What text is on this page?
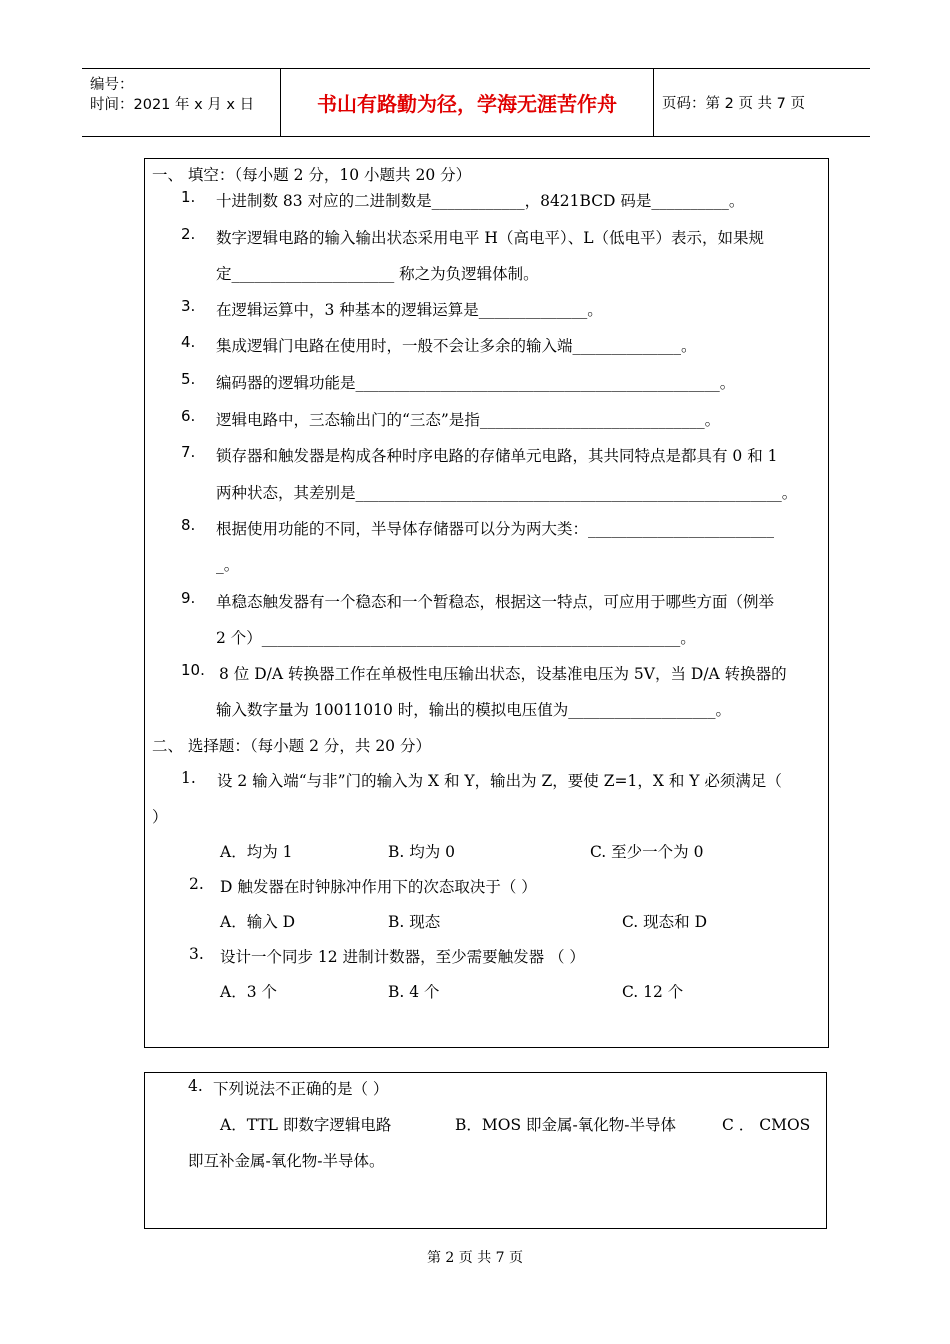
编号：
时间：2021 年 x 月 x 日	书山有路勤为径，学海无涯苦作舟	页码：第 2 页 共 7 页
一、 填空：（每小题 2 分，10 小题共 20 分）
1. 十进制数 83 对应的二进制数是____________，8421BCD 码是__________。
2. 数字逻辑电路的输入输出状态采用电平 H（高电平）、L（低电平）表示，如果规
定_____________________ 称之为负逻辑体制。
3. 在逻辑运算中，3 种基本的逻辑运算是______________。
4. 集成逻辑门电路在使用时，一般不会让多余的输入端______________。
5. 编码器的逻辑功能是_______________________________________________。
6. 逻辑电路中，三态输出门的“三态”是指_____________________________。
7. 锁存器和触发器是构成各种时序电路的存储单元电路，其共同特点是都具有 0 和 1
两种状态，其差别是_______________________________________________________。
8. 根据使用功能的不同，半导体存储器可以分为两大类：________________________
_。
9. 单稳态触发器有一个稳态和一个暂稳态，根据这一特点，可应用于哪些方面（例举
2 个）______________________________________________________。
10. 8 位 D/A 转换器工作在单极性电压输出状态，设基准电压为 5V，当 D/A 转换器的
输入数字量为 10011010 时，输出的模拟电压值为___________________。
二、 选择题：（每小题 2 分，共 20 分）
1. 设 2 输入端“与非”门的输入为 X 和 Y，输出为 Z，要使 Z=1，X 和 Y 必须满足（
）
A．均为 1	B. 均为 0	C. 至少一个为 0
2. D 触发器在时钟脉冲作用下的次态取决于（ ）
A．输入 D	B. 现态	C. 现态和 D
3. 设计一个同步 12 进制计数器，至少需要触发器 （ ）
A．3 个	B. 4 个	C. 12 个
4. 下列说法不正确的是（ ）
A．TTL 即数字逻辑电路	B．MOS 即金属-氧化物-半导体	C ． CMOS
即互补金属-氧化物-半导体。
第 2 页 共 7 页
